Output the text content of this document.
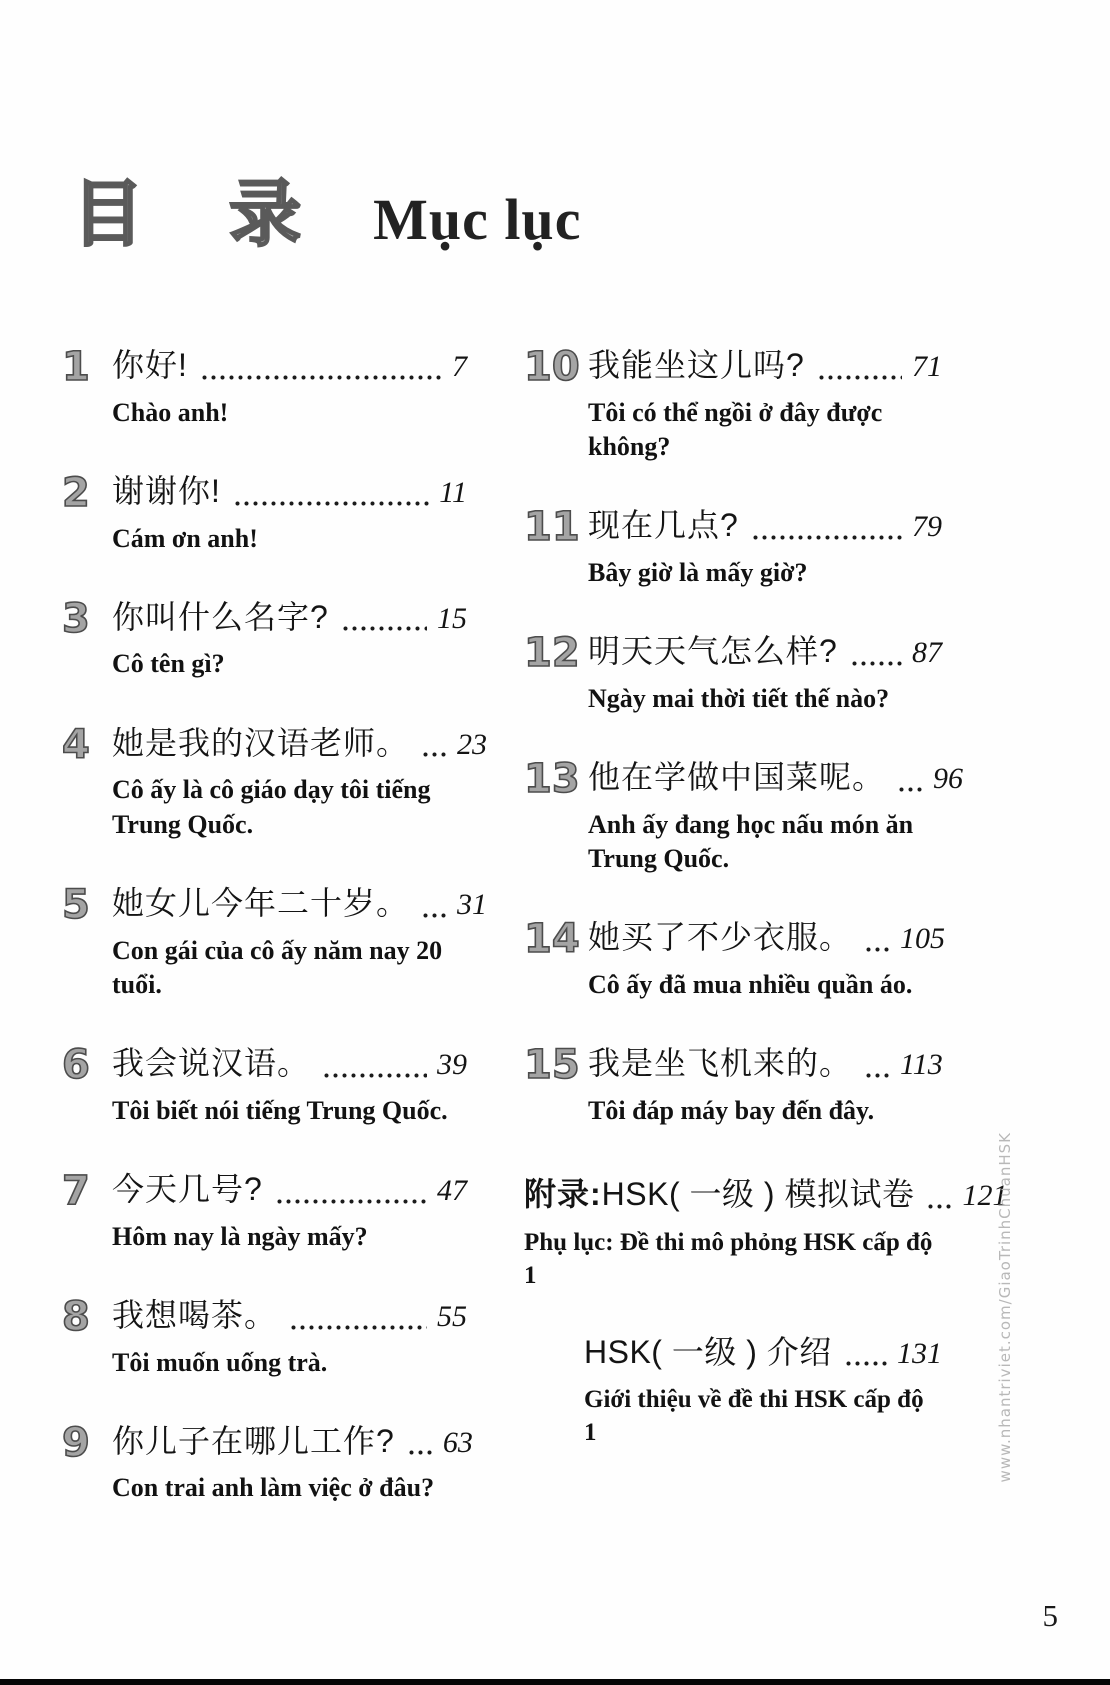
目 录 Mục lục
1 你好!	7
Chào anh!
2 谢谢你!	11
Cám ơn anh!
3 你叫什么名字?	15
Cô tên gì?
4 她是我的汉语老师。 23
Cô ấy là cô giáo dạy tôi tiếng Trung Quốc.
5 她女儿今年二十岁。 31
Con gái của cô ấy năm nay 20 tuổi.
6 我会说汉语。	39
Tôi biết nói tiếng Trung Quốc.
7 今天几号?	47
Hôm nay là ngày mấy?
8 我想喝茶。	55
Tôi muốn uống trà.
9 你儿子在哪儿工作? 63
Con trai anh làm việc ở đâu?
10 我能坐这儿吗?	71
Tôi có thể ngồi ở đây được không?
11 现在几点?	79
Bây giờ là mấy giờ?
12 明天天气怎么样? 87
Ngày mai thời tiết thế nào?
13 他在学做中国菜呢。 96
Anh ấy đang học nấu món ăn Trung Quốc.
14 她买了不少衣服。 105
Cô ấy đã mua nhiều quần áo.
15 我是坐飞机来的。 113
Tôi đáp máy bay đến đây.
附录: HSK( 一级 ) 模拟试卷 121
Phụ lục: Đề thi mô phỏng HSK cấp độ 1
HSK( 一级 ) 介绍 131
Giới thiệu về đề thi HSK cấp độ 1	www.nhantriviet.com/GiaoTrinhChuanHSK
5
